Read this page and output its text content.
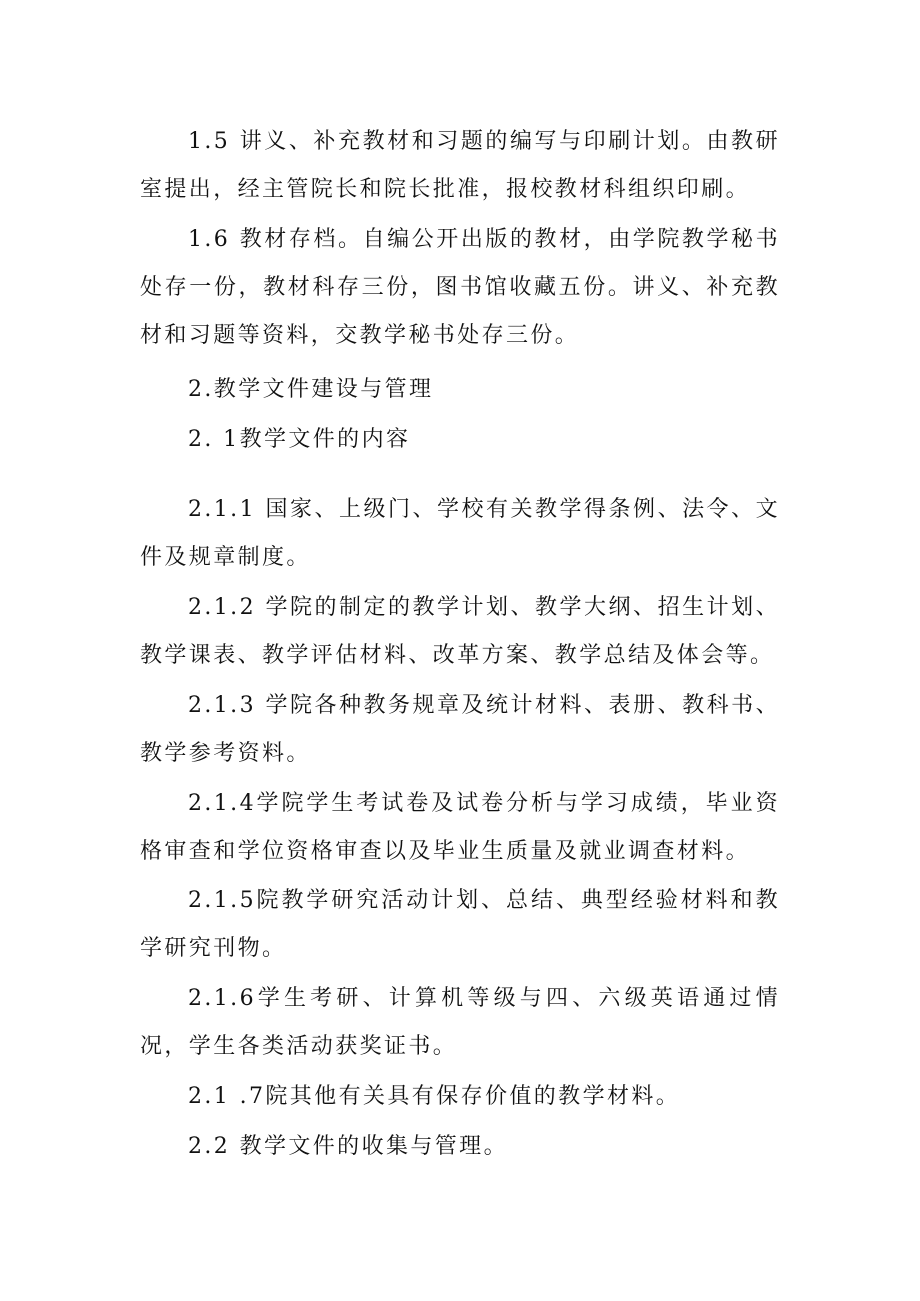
1.5 讲义、补充教材和习题的编写与印刷计划。由教研室提出，经主管院长和院长批准，报校教材科组织印刷。

1.6 教材存档。自编公开出版的教材，由学院教学秘书处存一份，教材科存三份，图书馆收藏五份。讲义、补充教材和习题等资料，交教学秘书处存三份。

2.教学文件建设与管理

2. 1教学文件的内容

2.1.1 国家、上级门、学校有关教学得条例、法令、文件及规章制度。

2.1.2 学院的制定的教学计划、教学大纲、招生计划、教学课表、教学评估材料、改革方案、教学总结及体会等。

2.1.3 学院各种教务规章及统计材料、表册、教科书、教学参考资料。

2.1.4学院学生考试卷及试卷分析与学习成绩，毕业资格审查和学位资格审查以及毕业生质量及就业调查材料。

2.1.5院教学研究活动计划、总结、典型经验材料和教学研究刊物。

2.1.6学生考研、计算机等级与四、六级英语通过情况，学生各类活动获奖证书。

2.1 .7院其他有关具有保存价值的教学材料。

2.2 教学文件的收集与管理。
